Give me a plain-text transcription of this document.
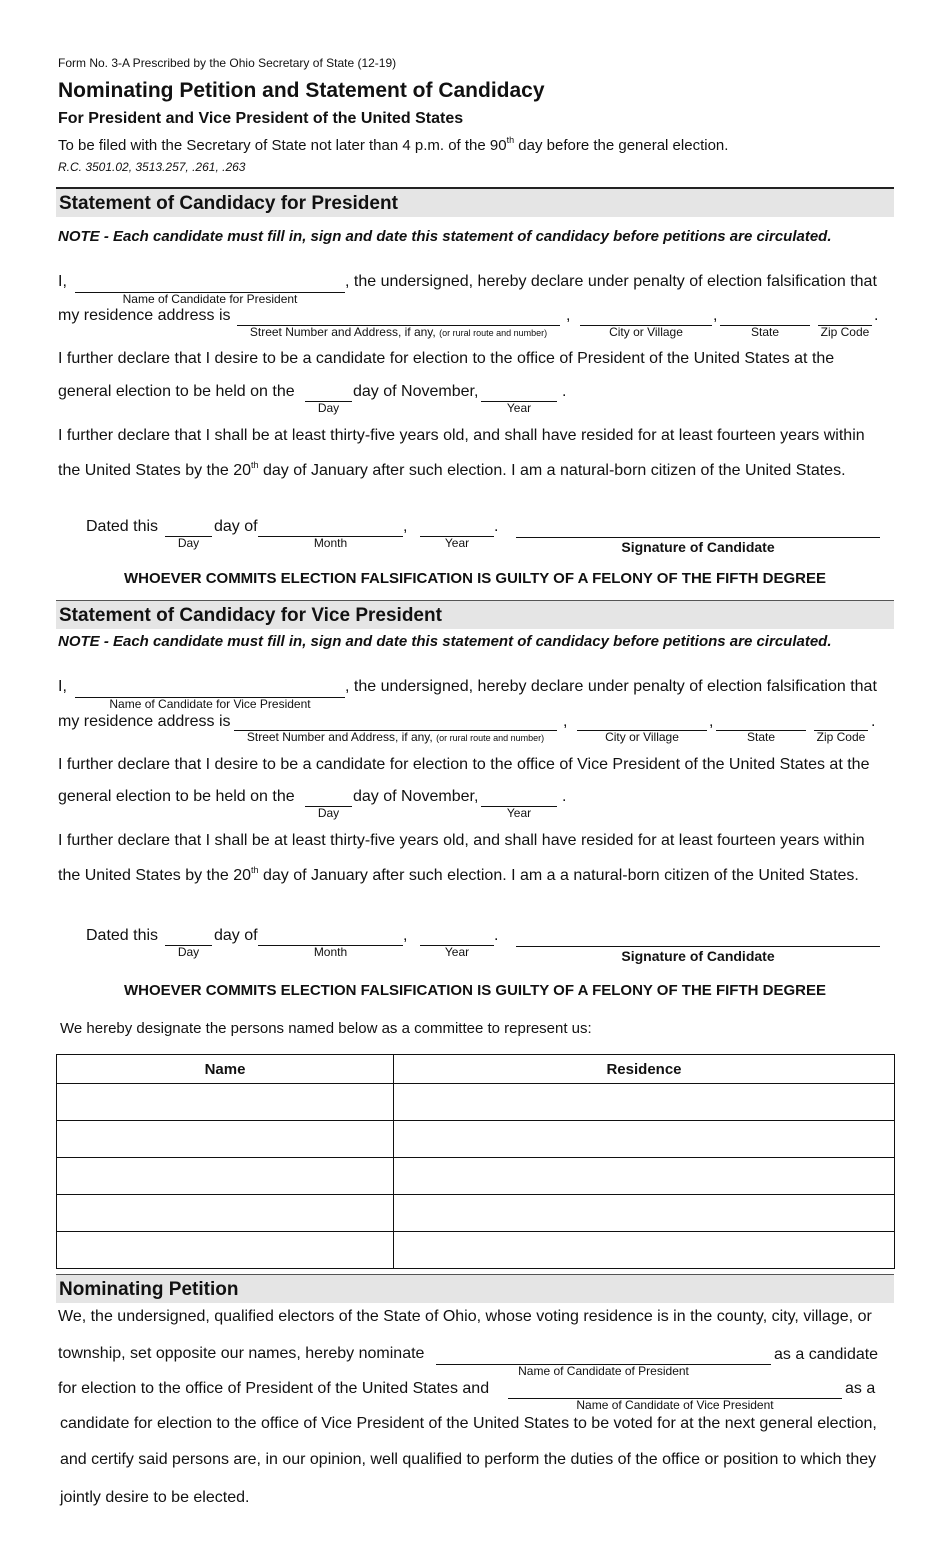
Form No. 3-A Prescribed by the Ohio Secretary of State (12-19)
Nominating Petition and Statement of Candidacy
For President and Vice President of the United States
To be filed with the Secretary of State not later than 4 p.m. of the 90th day before the general election.
R.C. 3501.02, 3513.257, .261, .263
Statement of Candidacy for President
NOTE - Each candidate must fill in, sign and date this statement of candidacy before petitions are circulated.
I,	, the undersigned, hereby declare under penalty of election falsification that
Name of Candidate for President
my residence address is
Street Number and Address, if any, (or rural route and number)
,
City or Village
,
State	Zip Code
.
I further declare that I desire to be a candidate for election to the office of President of the United States at the
general election to be held on the
Day
day of November,
Year
.
I further declare that I shall be at least thirty-five years old, and shall have resided for at least fourteen years within
the United States by the 20th day of January after such election. I am a natural-born citizen of the United States.
Dated this
Day
day of
Month
,
Year
.
Signature of Candidate
WHOEVER COMMITS ELECTION FALSIFICATION IS GUILTY OF A FELONY OF THE FIFTH DEGREE
Statement of Candidacy for Vice President
NOTE - Each candidate must fill in, sign and date this statement of candidacy before petitions are circulated.
I,	, the undersigned, hereby declare under penalty of election falsification that
Name of Candidate for Vice President
my residence address is
Street Number and Address, if any, (or rural route and number)
,
City or Village
,
State	Zip Code
.
I further declare that I desire to be a candidate for election to the office of Vice President of the United States at the
general election to be held on the
Day
day of November,
Year
.
I further declare that I shall be at least thirty-five years old, and shall have resided for at least fourteen years within
the United States by the 20th day of January after such election. I am a a natural-born citizen of the United States.
Dated this
Day
day of
Month
,
Year
.
Signature of Candidate
WHOEVER COMMITS ELECTION FALSIFICATION IS GUILTY OF A FELONY OF THE FIFTH DEGREE
We hereby designate the persons named below as a committee to represent us:
Name	Residence

Nominating Petition
We, the undersigned, qualified electors of the State of Ohio, whose voting residence is in the county, city, village, or
township, set opposite our names, hereby nominate
Name of Candidate of President
as a candidate
for election to the office of President of the United States and
Name of Candidate of Vice President
as a
candidate for election to the office of Vice President of the United States to be voted for at the next general election,
and certify said persons are, in our opinion, well qualified to perform the duties of the office or position to which they
jointly desire to be elected.
